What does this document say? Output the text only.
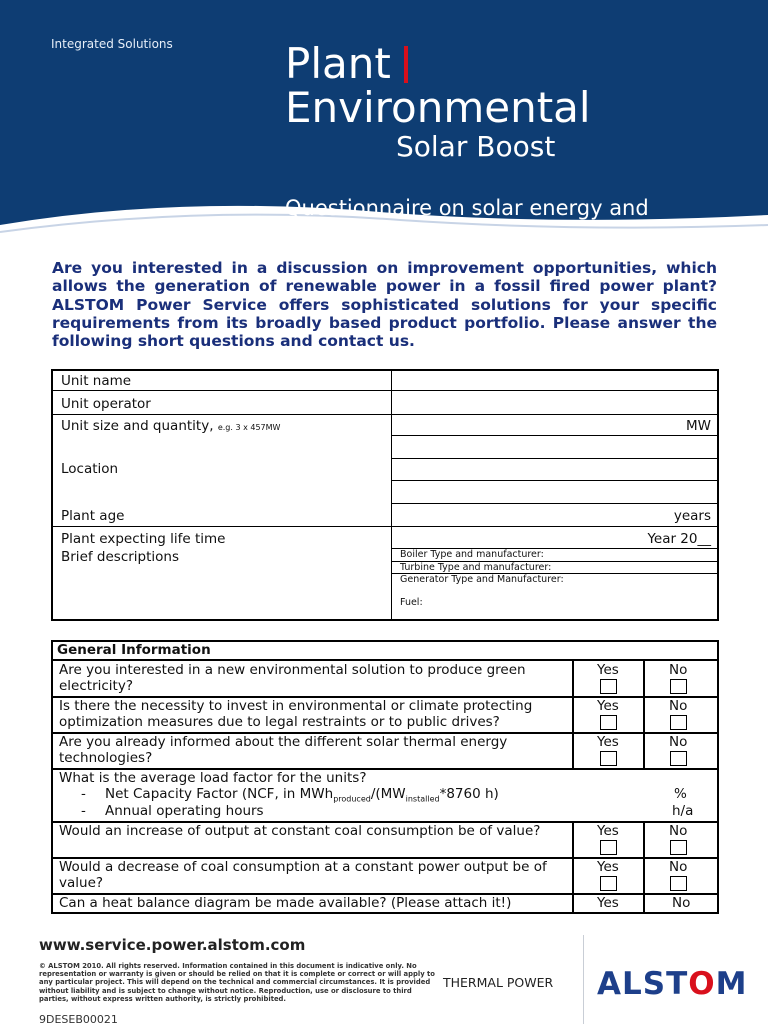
Integrated Solutions	Plant
Environmental
Solar Boost
Questionnaire on solar energy and
Are you interested in a discussion on improvement opportunities, which allows the generation of renewable power in a fossil fired power plant? ALSTOM Power Service offers sophisticated solutions for your specific requirements from its broadly based product portfolio. Please answer the following short questions and contact us.
Unit name
Unit operator
Unit size and quantity, e.g. 3 x 457MW	MW
Location
Plant age	years
Plant expecting life time	Year 20__
Brief descriptions	Boiler Type and manufacturer:
Turbine Type and manufacturer:
Generator Type and Manufacturer:
Fuel:
General Information
Are you interested in a new environmental solution to produce green electricity?
Yes	No
Is there the necessity to invest in environmental or climate protecting optimization measures due to legal restraints or to public drives?
Yes	No
Are you already informed about the different solar thermal energy technologies?
Yes	No
What is the average load factor for the units?
- Net Capacity Factor (NCF, in $MWh_{produced}/(MW_{installed}*8760$ h)
- Annual operating hours
%
h/a
Would an increase of output at constant coal consumption be of value?	Yes	No
Would a decrease of coal consumption at a constant power output be of value?
Yes	No
Can a heat balance diagram be made available? (Please attach it!)	Yes	No
www.service.power.alstom.com
© ALSTOM 2010. All rights reserved. Information contained in this document is indicative only. No representation or warranty is given or should be relied on that it is complete or correct or will apply to any particular project. This will depend on the technical and commercial circumstances. It is provided without liability and is subject to change without notice. Reproduction, use or disclosure to third parties, without express written authority, is strictly prohibited.
THERMAL POWER ALSTOM
9DESEB00021
